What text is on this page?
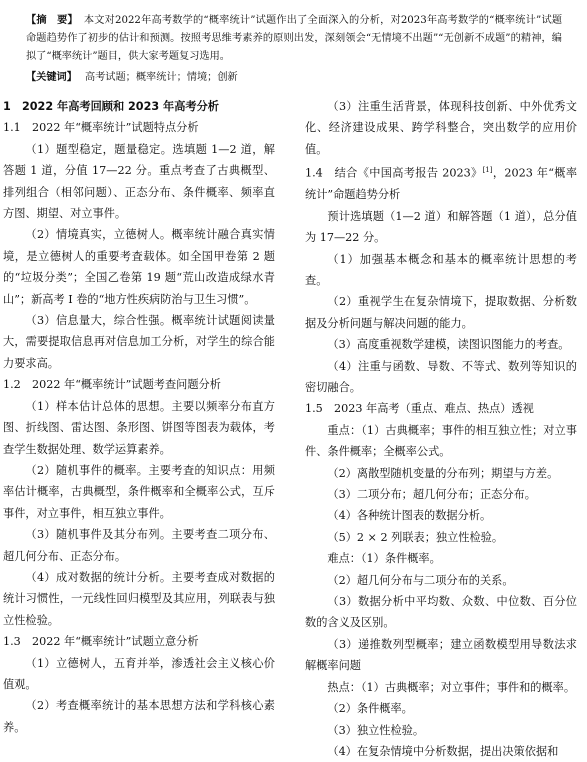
【摘　要】 本文对2022年高考数学的“概率统计”试题作出了全面深入的分析，对2023年高考数学的“概率统计”试题命题趋势作了初步的估计和预测。按照考思维考素养的原则出发，深刻领会“无情境不出题”“无创新不成题”的精神，编拟了“概率统计”题目，供大家考题复习选用。
【关键词】 高考试题；概率统计；情境；创新

1　2022 年高考回顾和 2023 年高考分析

1.1　2022 年“概率统计”试题特点分析

（1）题型稳定，题量稳定。选填题 1—2 道，解答题 1 道，分值 17—22 分。重点考查了古典概型、排列组合（相邻问题）、正态分布、条件概率、频率直方图、期望、对立事件。

（2）情境真实，立德树人。概率统计融合真实情境，是立德树人的重要考査载体。如全国甲卷第 2 题的“垃圾分类”；全国乙卷第 19 题“荒山改造成绿水青山”；新高考 Ⅰ 卷的“地方性疾病防治与卫生习惯”。

（3）信息量大，综合性强。概率统计试题阅读量大，需要提取信息再对信息加工分析，对学生的综合能力要求高。

1.2　2022 年“概率统计”试题考查问题分析

（1）样本估计总体的思想。主要以频率分布直方图、折线图、雷达图、条形图、饼图等图表为载体，考查学生数据处理、数学运算素养。

（2）随机事件的概率。主要考査的知识点：用频率估计概率，古典概型，条件概率和全概率公式，互斥事件，对立事件，相互独立事件。

（3）随机事件及其分布列。主要考查二项分布、超几何分布、正态分布。

（4）成对数据的统计分析。主要考查成对数据的统计习惯性，一元线性回归模型及其应用，列联表与独立性检验。

1.3　2022 年“概率统计”试题立意分析

（1）立德树人，五育并举，渗透社会主义核心价值观。

（2）考查概率统计的基本思想方法和学科核心素养。

（3）注重生活背景，体现科技创新、中外优秀文化、经济建设成果、跨学科整合，突出数学的应用价值。

1.4　结合《中国高考报告 2023》[1]，2023 年“概率统计”命题趋势分析

预计选填题（1—2 道）和解答题（1 道），总分值为 17—22 分。

（1）加强基本概念和基本的概率统计思想的考查。

（2）重视学生在复杂情境下，提取数据、分析数据及分析问题与解决问题的能力。

（3）高度重视数学建模，读图识图能力的考查。

（4）注重与函数、导数、不等式、数列等知识的密切融合。

1.5　2023 年高考（重点、难点、热点）透视

重点：（1）古典概率；事件的相互独立性；对立事件、条件概率；全概率公式。

（2）离散型随机变量的分布列；期望与方差。

（3）二项分布；超几何分布；正态分布。

（4）各种统计图表的数据分析。

（5）2 × 2 列联表；独立性检验。

难点：（1）条件概率。

（2）超几何分布与二项分布的关系。

（3）数据分析中平均数、众数、中位数、百分位数的含义及区别。

（3）递推数列型概率；建立函数模型用导数法求解概率问题

热点：（1）古典概率；对立事件；事件和的概率。

（2）条件概率。

（3）独立性检验。

（4）在复杂情境中分析数据，提出决策依据和
